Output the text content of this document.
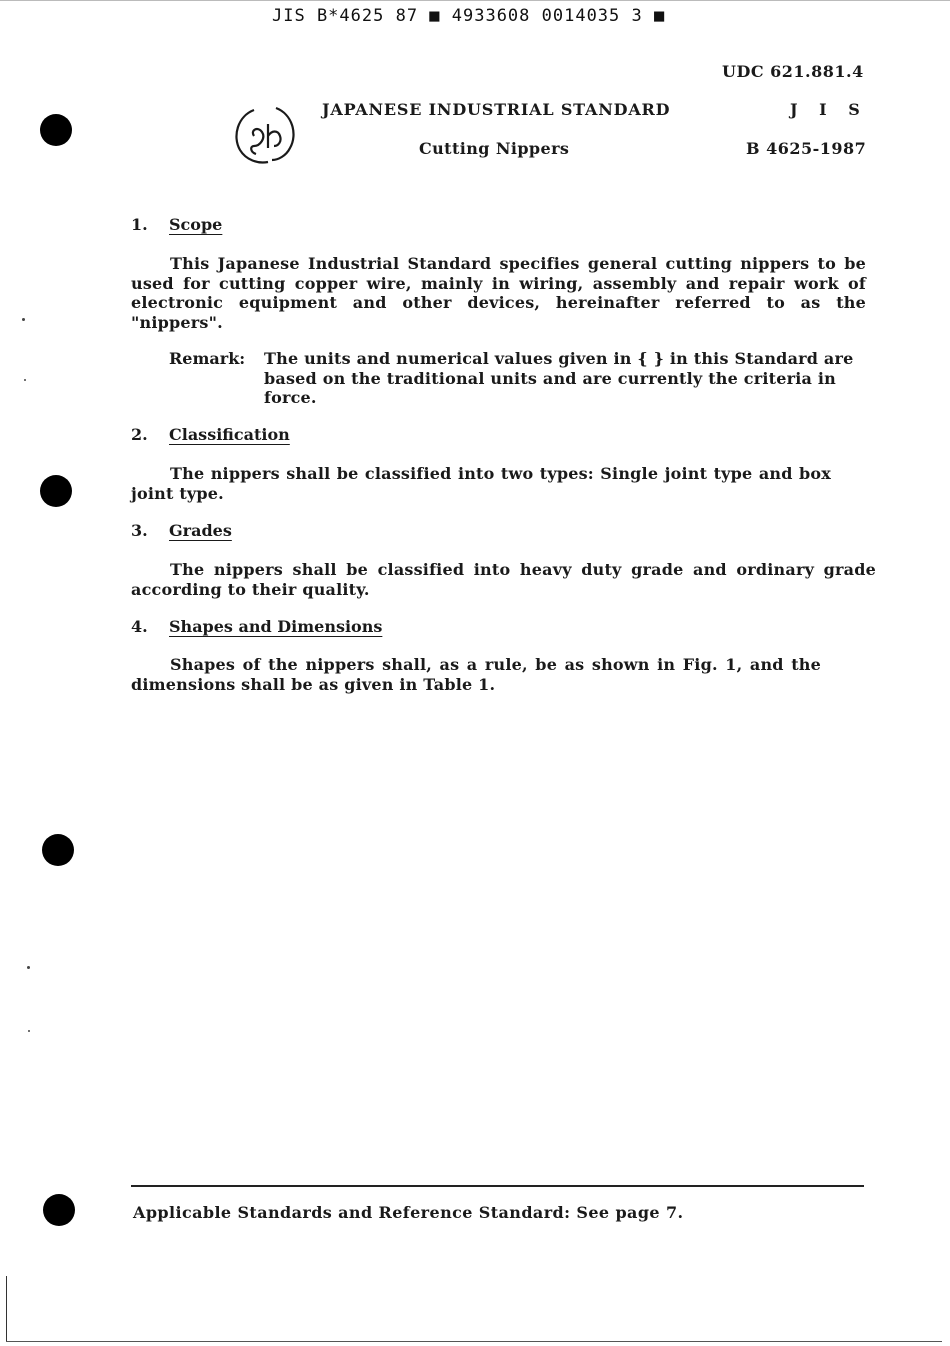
JIS B*4625 87 ■ 4933608 0014035 3 ■
UDC 621.881.4
JAPANESE INDUSTRIAL STANDARD	J I S
Cutting Nippers	B 4625-1987
1. Scope
This Japanese Industrial Standard specifies general cutting nippers to be used for cutting copper wire, mainly in wiring, assembly and repair work of electronic equipment and other devices, hereinafter referred to as the "nippers".
Remark: The units and numerical values given in { } in this Standard are based on the traditional units and are currently the criteria in force.
2. Classification
The nippers shall be classified into two types: Single joint type and box joint type.
3. Grades
The nippers shall be classified into heavy duty grade and ordinary grade according to their quality.
4. Shapes and Dimensions
Shapes of the nippers shall, as a rule, be as shown in Fig. 1, and the dimensions shall be as given in Table 1.
Applicable Standards and Reference Standard: See page 7.
